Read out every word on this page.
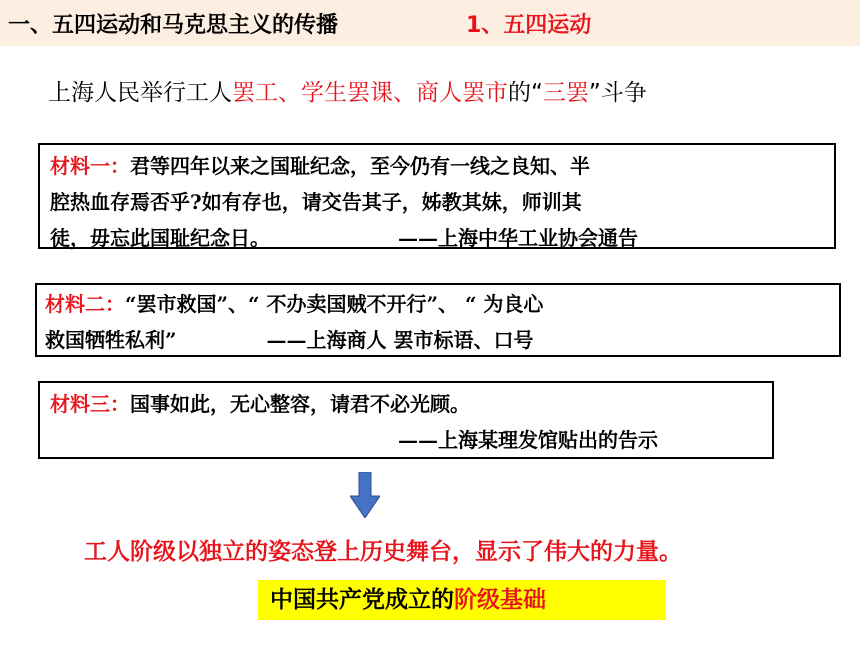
一、五四运动和马克思主义的传播	1、五四运动
上海人民举行工人罢工、学生罢课、商人罢市的“三罢”斗争
材料一：君等四年以来之国耻纪念，至今仍有一线之良知、半
腔热血存焉否乎?如有存也，请交告其子，姊教其妹，师训其
徒，毋忘此国耻纪念日。	——上海中华工业协会通告
材料二：“罢市救国”、“ 不办卖国贼不开行”、 “ 为良心
救国牺牲私利”	——上海商人 罢市标语、口号
材料三：国事如此，无心整容，请君不必光顾。
——上海某理发馆贴出的告示
工人阶级以独立的姿态登上历史舞台，显示了伟大的力量。
中国共产党成立的阶级基础
